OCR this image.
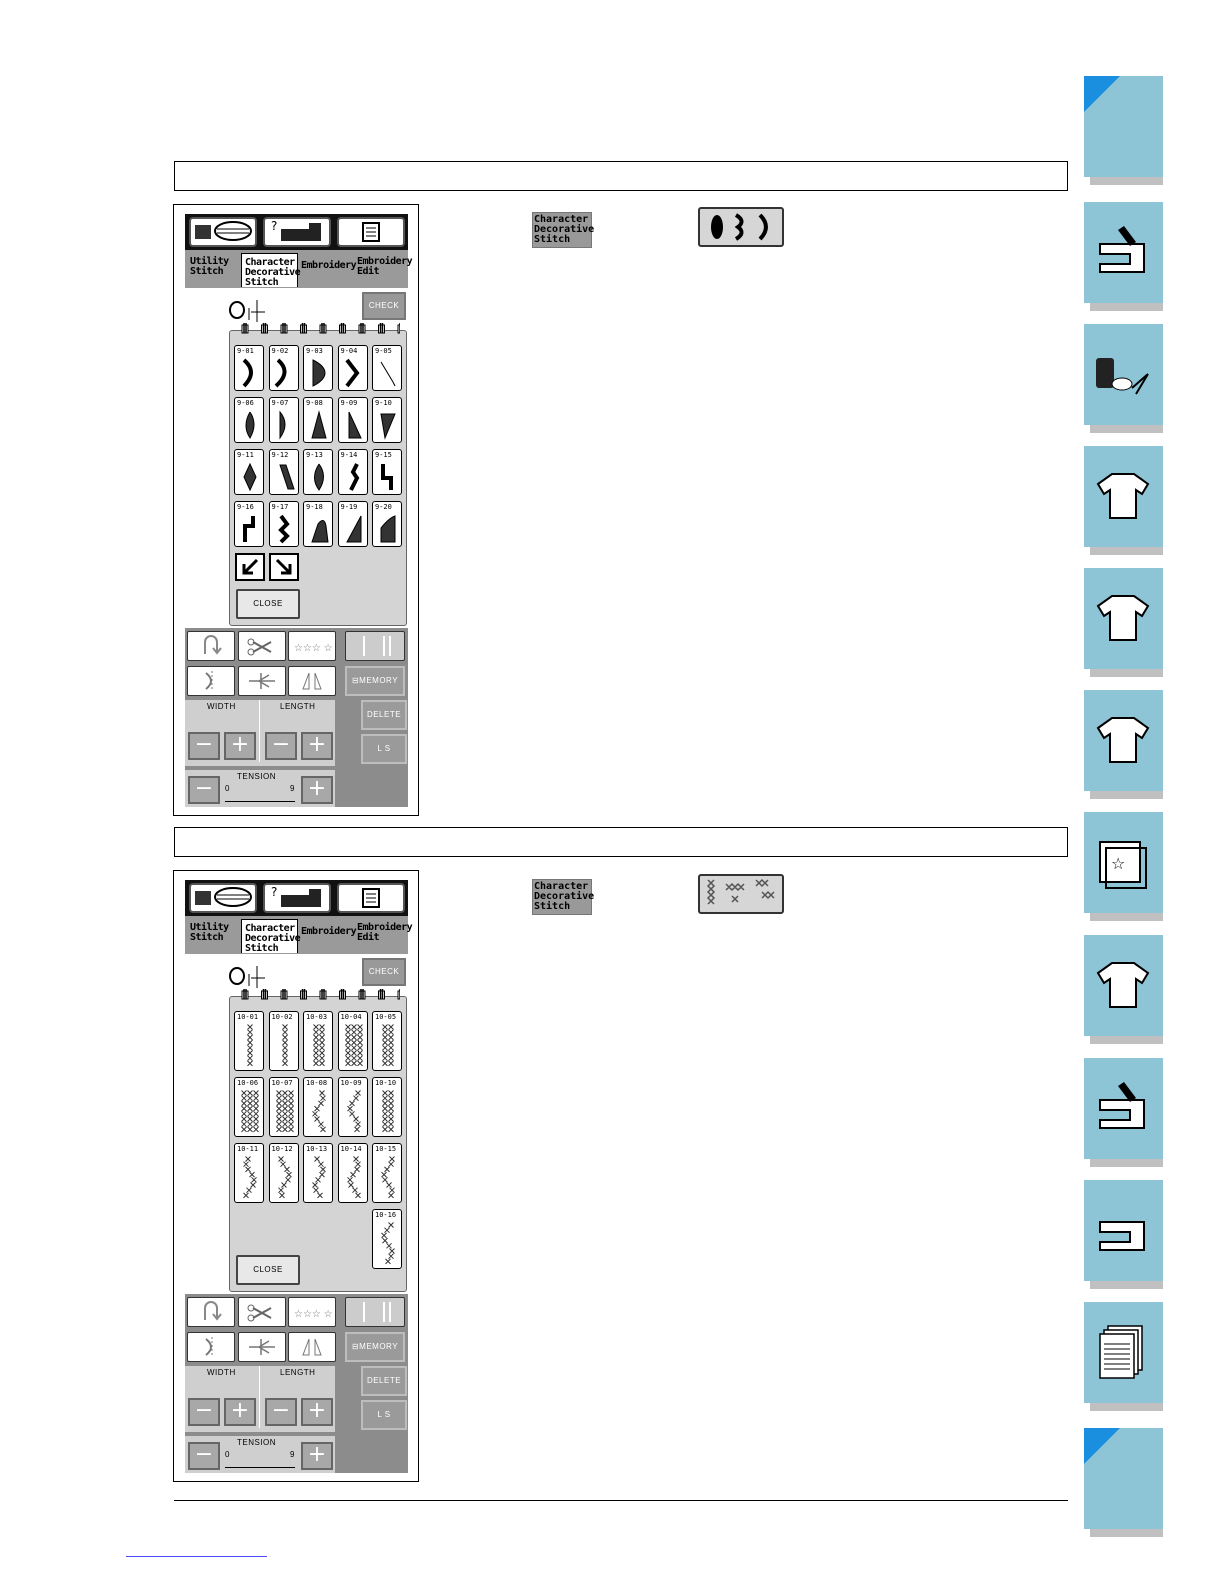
Character Decorative Stitch
?
Utility Stitch
Character Decorative Stitch
Embroidery Embroidery Edit
CHECK
9-01	9-02	9-03	9-04	9-05
9-06	9-07	9-08	9-09	9-10
9-11	9-12	9-13	9-14	9-15
9-16	9-17	9-18	9-19	9-20
CLOSE
☆☆☆ ☆
⊟MEMORY
DELETE
L S
WIDTH	LENGTH
− +	− +
TENSION
−	+
0	9
Character Decorative Stitch
?
Utility Stitch
Character Decorative Stitch
Embroidery Embroidery Edit
CHECK
10-01 10-02 10-03 10-04 10-05
10-06 10-07 10-08 10-09 10-10
10-11 10-12 10-13 10-14 10-15
10-16
CLOSE
☆☆☆ ☆
⊟MEMORY
DELETE
L S
WIDTH	LENGTH
− +	− +
TENSION
−	+
0	9
☆
